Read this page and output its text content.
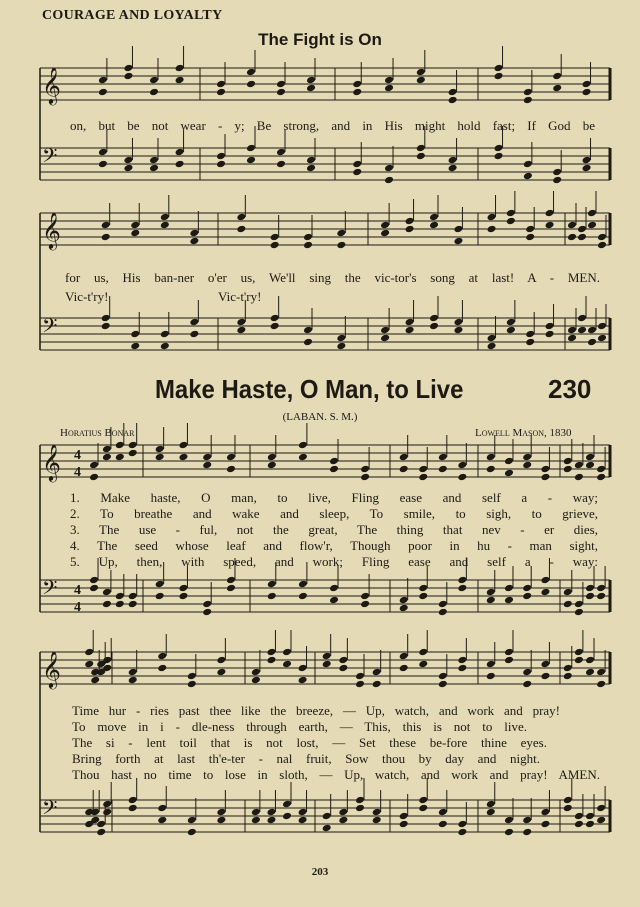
𝄞
𝄢
𝄞
𝄢
𝄞
𝄢
𝄞
𝄢
4
4
4
4
COURAGE AND LOYALTY
The Fight is On
on, but be not wear - y; Be strong, and in His might hold fast; If God be
for us, His ban-ner o'er us, We'll sing the vic-tor's song at last! A - MEN.
Vic-t'ry!	Vic-t'ry!
Make Haste, O Man, to Live	230
(LABAN. S. M.)
Horatius Bonar	Lowell Mason, 1830
1. Make haste, O man, to live, Fling ease and self a - way;
2. To breathe and wake and sleep, To smile, to sigh, to grieve,
3. The use - ful, not the great, The thing that nev - er dies,
4. The seed whose leaf and flow'r, Though poor in hu - man sight,
5. Up, then, with speed, and work; Fling ease and self a - way:
Time hur - ries past thee like the breeze, — Up, watch, and work and pray!
To move in i - dle-ness through earth, — This, this is not to live.
The si - lent toil that is not lost, — Set these be-fore thine eyes.
Bring forth at last th'e-ter - nal fruit, Sow thou by day and night.
Thou hast no time to lose in sloth, — Up, watch, and work and pray! AMEN.
203
